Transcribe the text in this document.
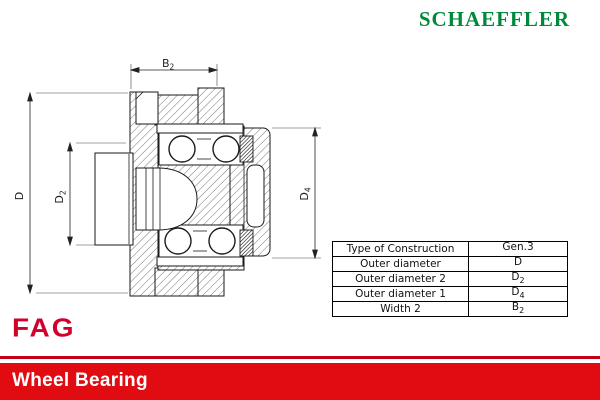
SCHAEFFLER
$B_2$
D $D_2$	$D_4$
Type of Construction	Gen.3
Outer diameter	D
Outer diameter 2	$D_2$
Outer diameter 1	$D_4$
Width 2	$B_2$
FAG
Wheel Bearing
